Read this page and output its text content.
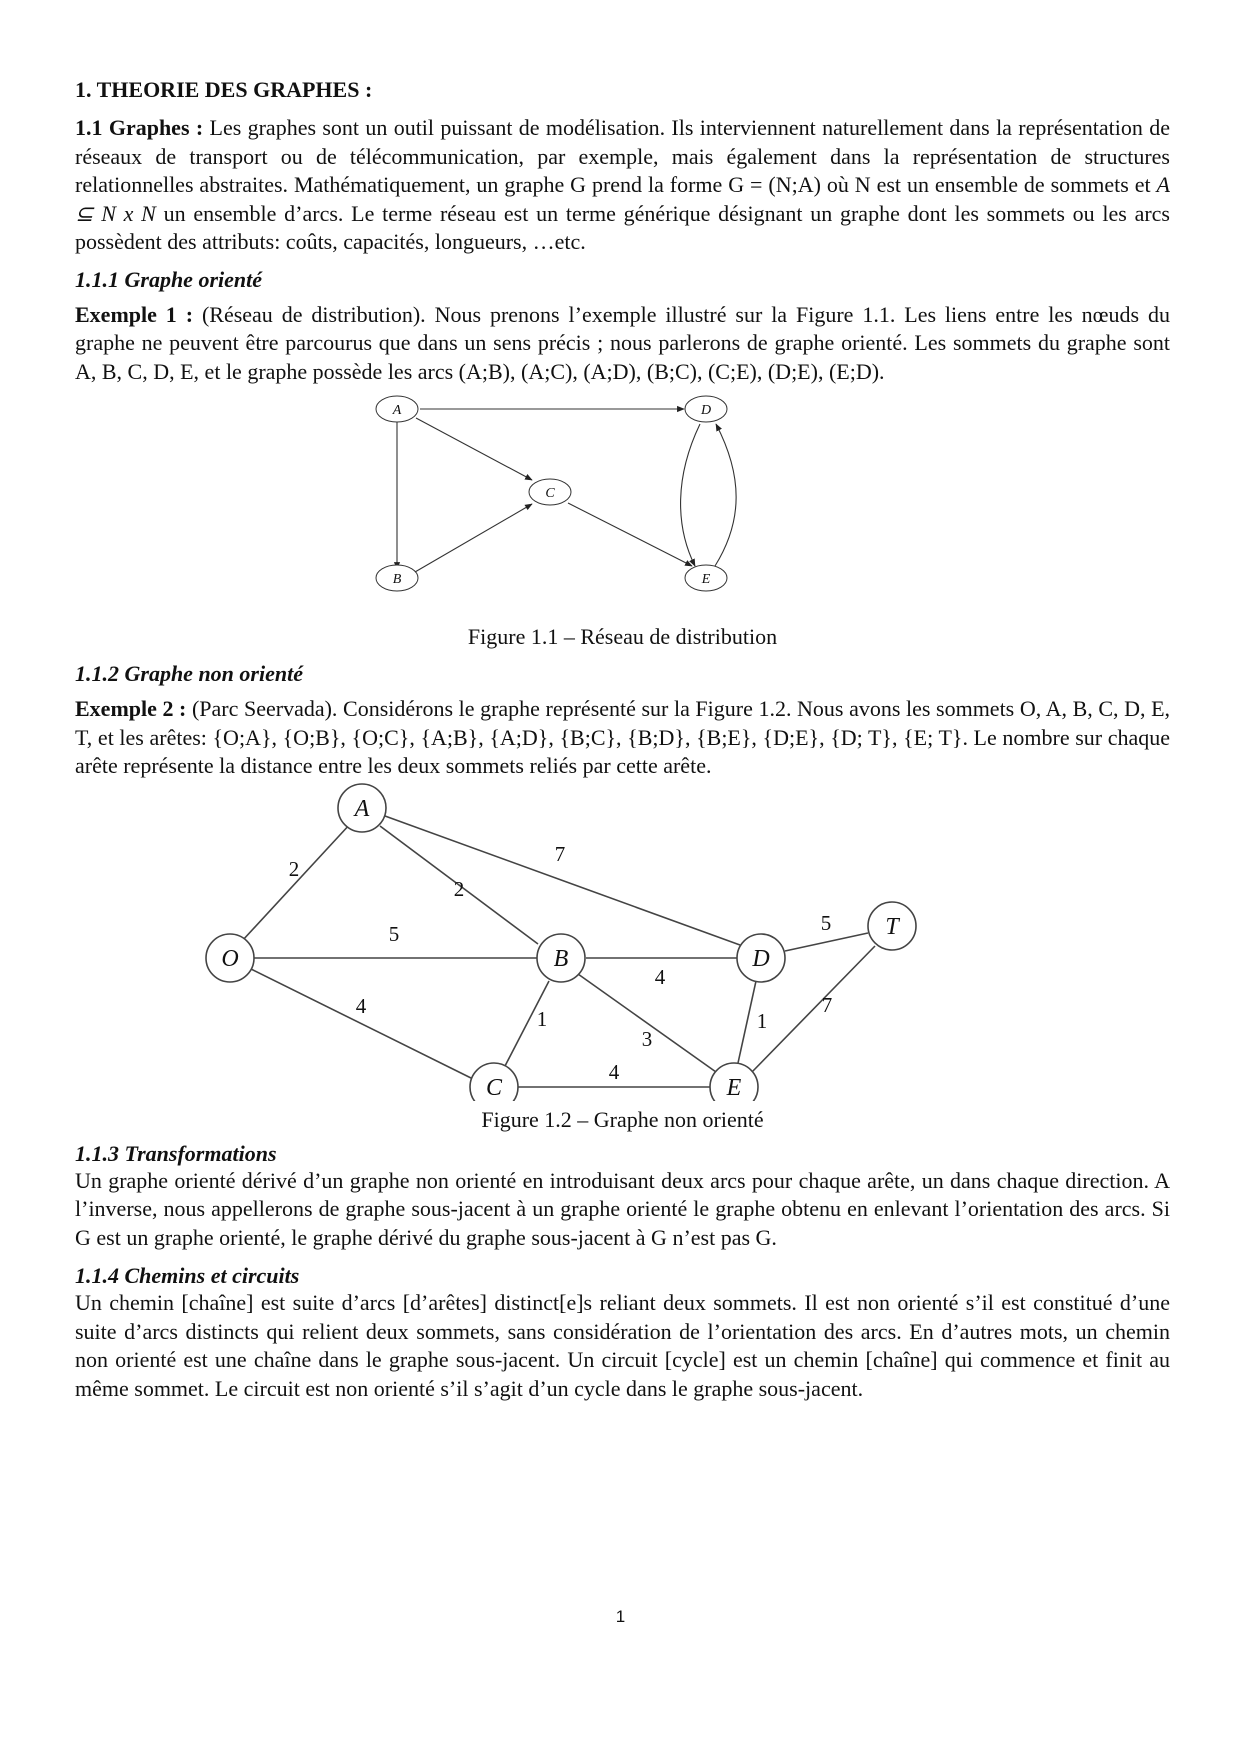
1. THEORIE DES GRAPHES :

1.1 Graphes : Les graphes sont un outil puissant de modélisation. Ils interviennent naturellement dans la représentation de réseaux de transport ou de télécommunication, par exemple, mais également dans la représentation de structures relationnelles abstraites. Mathématiquement, un graphe G prend la forme G = (N;A) où N est un ensemble de sommets et A ⊆ N x N un ensemble d’arcs. Le terme réseau est un terme générique désignant un graphe dont les sommets ou les arcs possèdent des attributs: coûts, capacités, longueurs, …etc.

1.1.1 Graphe orienté

Exemple 1 : (Réseau de distribution). Nous prenons l’exemple illustré sur la Figure 1.1. Les liens entre les nœuds du graphe ne peuvent être parcourus que dans un sens précis ; nous parlerons de graphe orienté. Les sommets du graphe sont A, B, C, D, E, et le graphe possède les arcs (A;B), (A;C), (A;D), (B;C), (C;E), (D;E), (E;D).

A
B
C
D
E

Figure 1.1 – Réseau de distribution

1.1.2 Graphe non orienté

Exemple 2 : (Parc Seervada). Considérons le graphe représenté sur la Figure 1.2. Nous avons les sommets O, A, B, C, D, E, T, et les arêtes: {O;A}, {O;B}, {O;C}, {A;B}, {A;D}, {B;C}, {B;D}, {B;E}, {D;E}, {D; T}, {E; T}. Le nombre sur chaque arête représente la distance entre les deux sommets reliés par cette arête.

O
A
B
C
D
E
T
2
5
4
2
7
4
1
3
4
1
5
7

Figure 1.2 – Graphe non orienté

1.1.3 Transformations

Un graphe orienté dérivé d’un graphe non orienté en introduisant deux arcs pour chaque arête, un dans chaque direction. A l’inverse, nous appellerons de graphe sous-jacent à un graphe orienté le graphe obtenu en enlevant l’orientation des arcs. Si G est un graphe orienté, le graphe dérivé du graphe sous-jacent à G n’est pas G.

1.1.4 Chemins et circuits

Un chemin [chaîne] est suite d’arcs [d’arêtes] distinct[e]s reliant deux sommets. Il est non orienté s’il est constitué d’une suite d’arcs distincts qui relient deux sommets, sans considération de l’orientation des arcs. En d’autres mots, un chemin non orienté est une chaîne dans le graphe sous-jacent. Un circuit [cycle] est un chemin [chaîne] qui commence et finit au même sommet. Le circuit est non orienté s’il s’agit d’un cycle dans le graphe sous-jacent.

1
